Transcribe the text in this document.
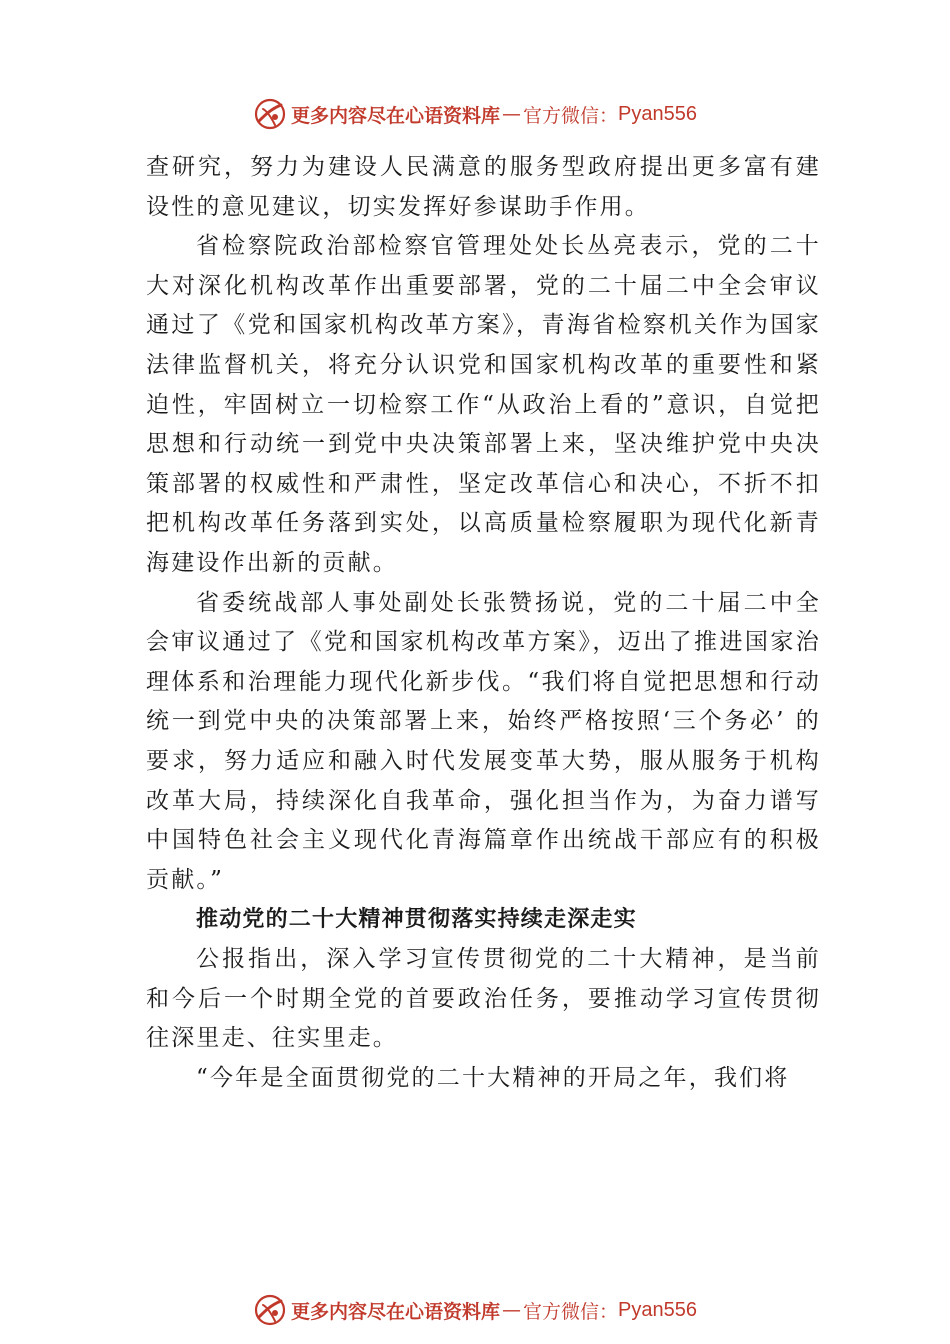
更多内容尽在心语资料库 — 官方微信： Pyan556

查研究，努力为建设人民满意的服务型政府提出更多富有建设性的意见建议，切实发挥好参谋助手作用。

省检察院政治部检察官管理处处长丛亮表示，党的二十大对深化机构改革作出重要部署，党的二十届二中全会审议通过了《党和国家机构改革方案》，青海省检察机关作为国家法律监督机关，将充分认识党和国家机构改革的重要性和紧迫性，牢固树立一切检察工作“从政治上看的”意识，自觉把思想和行动统一到党中央决策部署上来，坚决维护党中央决策部署的权威性和严肃性，坚定改革信心和决心，不折不扣把机构改革任务落到实处，以高质量检察履职为现代化新青海建设作出新的贡献。

省委统战部人事处副处长张赞扬说，党的二十届二中全会审议通过了《党和国家机构改革方案》，迈出了推进国家治理体系和治理能力现代化新步伐。“我们将自觉把思想和行动统一到党中央的决策部署上来，始终严格按照‘三个务必’ 的要求，努力适应和融入时代发展变革大势，服从服务于机构改革大局，持续深化自我革命，强化担当作为，为奋力谱写中国特色社会主义现代化青海篇章作出统战干部应有的积极贡献。”

推动党的二十大精神贯彻落实持续走深走实

公报指出，深入学习宣传贯彻党的二十大精神，是当前和今后一个时期全党的首要政治任务，要推动学习宣传贯彻往深里走、往实里走。

“今年是全面贯彻党的二十大精神的开局之年，我们将

更多内容尽在心语资料库 — 官方微信： Pyan556
